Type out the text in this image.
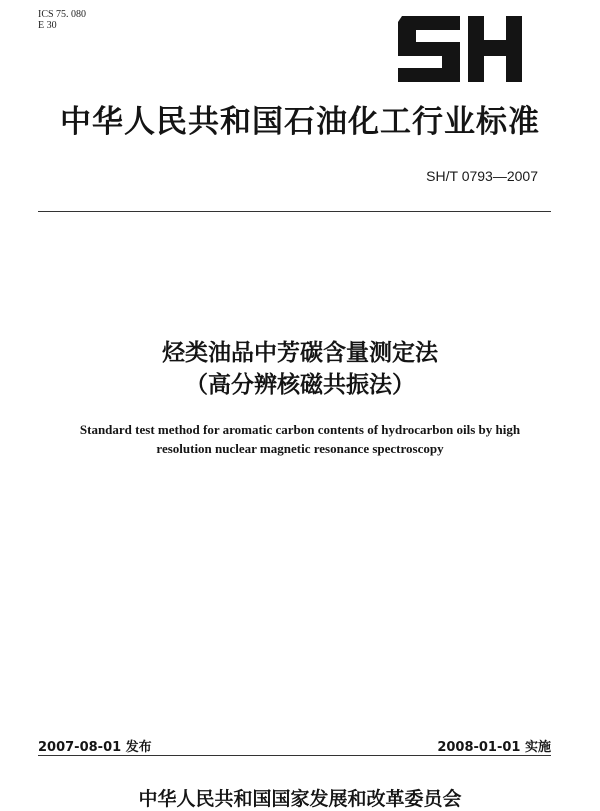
ICS 75. 080
E 30
中华人民共和国石油化工行业标准
SH/T 0793—2007
烃类油品中芳碳含量测定法
（高分辨核磁共振法）
Standard test method for aromatic carbon contents of hydrocarbon oils by high
resolution nuclear magnetic resonance spectroscopy
2007-08-01 发布	2008-01-01 实施
中华人民共和国国家发展和改革委员会
